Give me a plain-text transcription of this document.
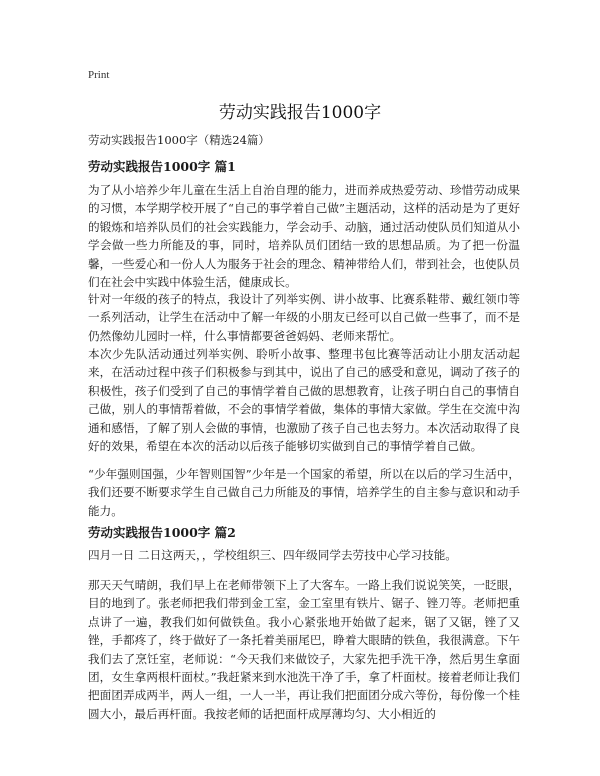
Print
劳动实践报告1000字
劳动实践报告1000字（精选24篇）
劳动实践报告1000字 篇1

为了从小培养少年儿童在生活上自治自理的能力，进而养成热爱劳动、珍惜劳动成果的习惯，本学期学校开展了“自己的事学着自己做”主题活动，这样的活动是为了更好的锻炼和培养队员们的社会实践能力，学会动手、动脑，通过活动使队员们知道从小学会做一些力所能及的事，同时，培养队员们团结一致的思想品质。为了把一份温馨，一些爱心和一份人人为服务于社会的理念、精神带给人们，带到社会，也使队员们在社会中实践中体验生活，健康成长。

针对一年级的孩子的特点，我设计了列举实例、讲小故事、比赛系鞋带、戴红领巾等一系列活动，让学生在活动中了解一年级的小朋友已经可以自己做一些事了，而不是仍然像幼儿园时一样，什么事情都要爸爸妈妈、老师来帮忙。

本次少先队活动通过列举实例、聆听小故事、整理书包比赛等活动让小朋友活动起来，在活动过程中孩子们积极参与到其中，说出了自己的感受和意见，调动了孩子的积极性，孩子们受到了自己的事情学着自己做的思想教育，让孩子明白自己的事情自己做，别人的事情帮着做，不会的事情学着做，集体的事情大家做。学生在交流中沟通和感悟，了解了别人会做的事情，也激励了孩子自己也去努力。本次活动取得了良好的效果，希望在本次的活动以后孩子能够切实做到自己的事情学着自己做。

“少年强则国强，少年智则国智”少年是一个国家的希望，所以在以后的学习生活中，我们还要不断要求学生自己做自己力所能及的事情，培养学生的自主参与意识和动手能力。

劳动实践报告1000字 篇2

四月一日 二日这两天，，学校组织三、四年级同学去劳技中心学习技能。

那天天气晴朗，我们早上在老师带领下上了大客车。一路上我们说说笑笑，一眨眼，目的地到了。张老师把我们带到金工室，金工室里有铁片、锯子、锉刀等。老师把重点讲了一遍，教我们如何做铁鱼。我小心紧张地开始做了起来，锯了又锯，锉了又锉，手都疼了，终于做好了一条托着美丽尾巴，睁着大眼睛的铁鱼，我很满意。下午我们去了烹饪室，老师说：“今天我们来做饺子，大家先把手洗干净，然后男生拿面团，女生拿两根杆面杖。”我赶紧来到水池洗干净了手，拿了杆面杖。接着老师让我们把面团弄成两半，两人一组，一人一半，再让我们把面团分成六等份，每份像一个桂圆大小，最后再杆面。我按老师的话把面杆成厚薄均匀、大小相近的
